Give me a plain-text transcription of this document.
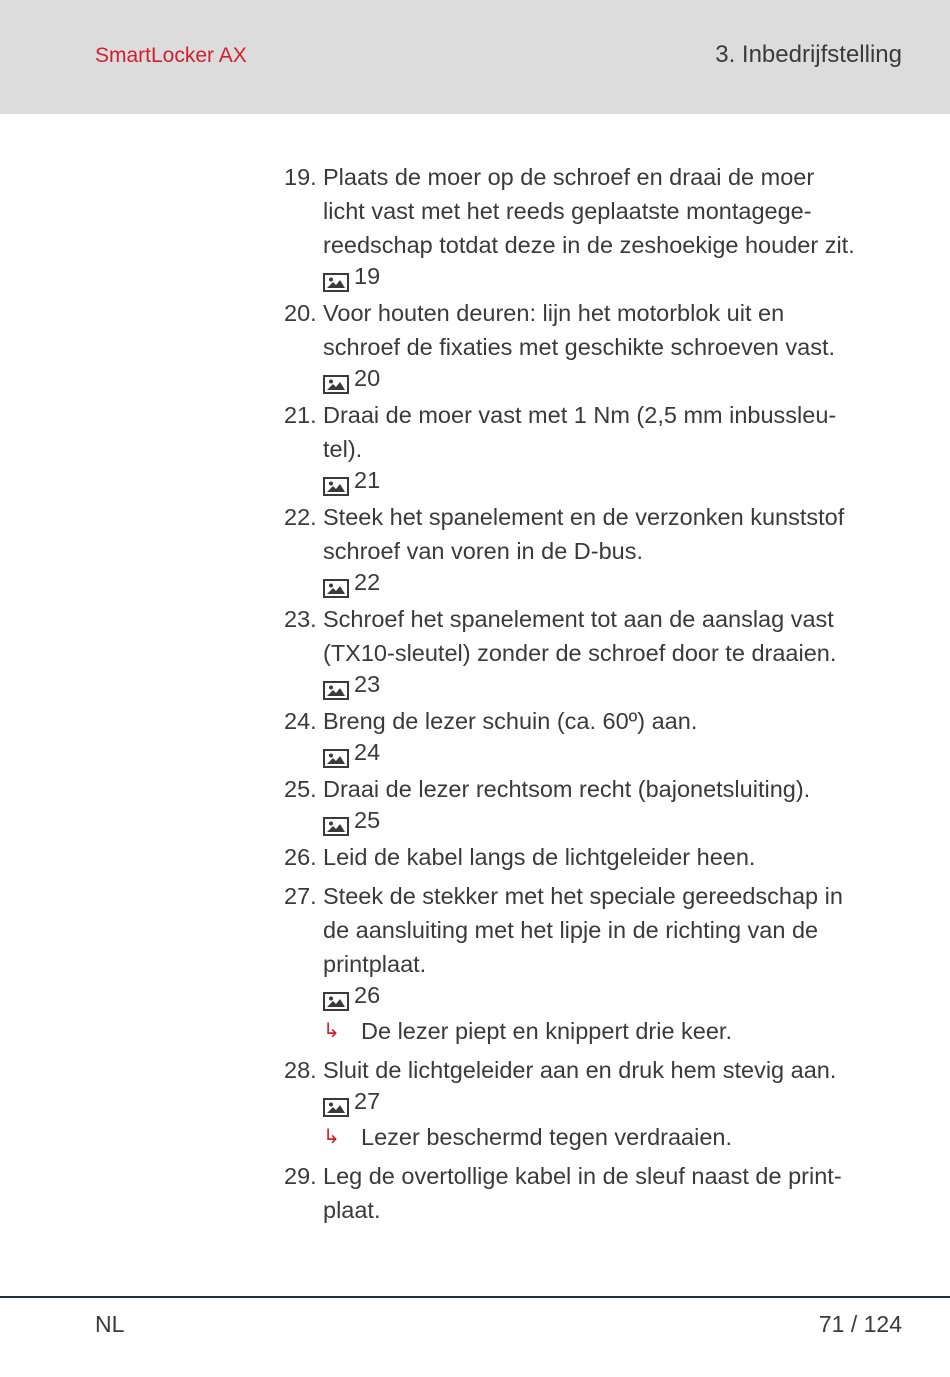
SmartLocker AX	3. Inbedrijfstelling
19. Plaats de moer op de schroef en draai de moer
licht vast met het reeds geplaatste montagege-
reedschap totdat deze in de zeshoekige houder zit.
19
20. Voor houten deuren: lijn het motorblok uit en
schroef de fixaties met geschikte schroeven vast.
20
21. Draai de moer vast met 1 Nm (2,5 mm inbussleu-
tel).
21
22. Steek het spanelement en de verzonken kunststof
schroef van voren in de D-bus.
22
23. Schroef het spanelement tot aan de aanslag vast
(TX10-sleutel) zonder de schroef door te draaien.
23
24. Breng de lezer schuin (ca. 60º) aan.
24
25. Draai de lezer rechtsom recht (bajonetsluiting).
25
26. Leid de kabel langs de lichtgeleider heen.
27. Steek de stekker met het speciale gereedschap in
de aansluiting met het lipje in de richting van de
printplaat.
26
↳ De lezer piept en knippert drie keer.
28. Sluit de lichtgeleider aan en druk hem stevig aan.
27
↳ Lezer beschermd tegen verdraaien.
29. Leg de overtollige kabel in de sleuf naast de print-
plaat.
NL	71 / 124
